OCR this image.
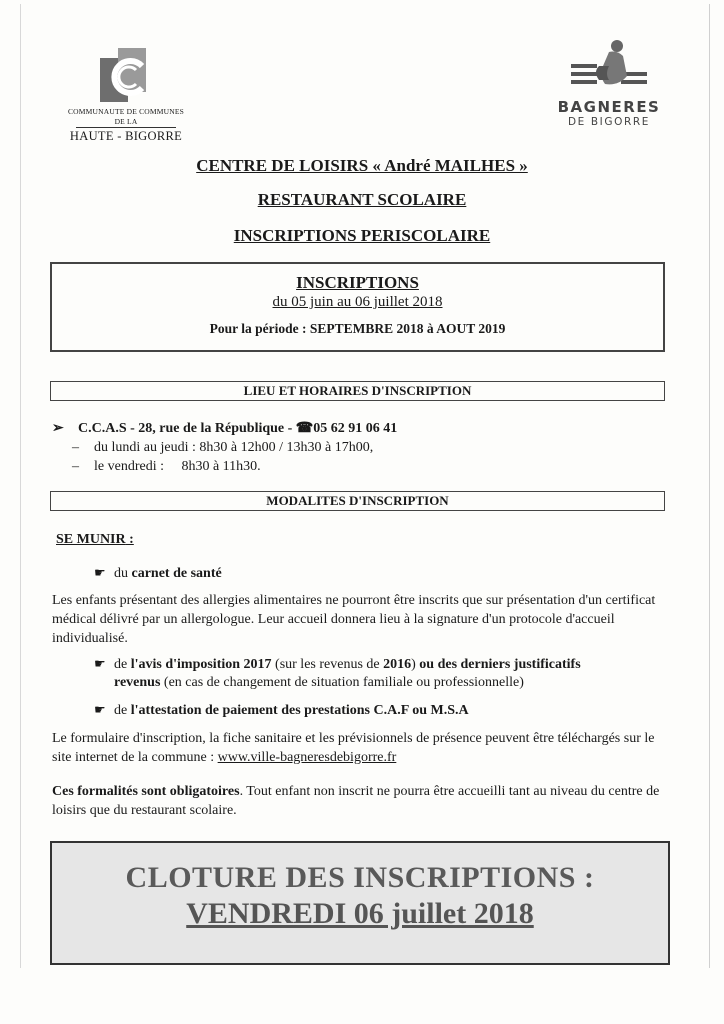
COMMUNAUTE DE COMMUNES
DE LA
HAUTE - BIGORRE
BAGNERES
DE BIGORRE
CENTRE DE LOISIRS « André MAILHES »
RESTAURANT SCOLAIRE
INSCRIPTIONS PERISCOLAIRE
INSCRIPTIONS
du 05 juin au 06 juillet 2018
Pour la période : SEPTEMBRE 2018 à AOUT 2019
LIEU ET HORAIRES D'INSCRIPTION
➢ C.C.A.S - 28, rue de la République - ☎05 62 91 06 41
– du lundi au jeudi : 8h30 à 12h00 / 13h30 à 17h00,
– le vendredi :     8h30 à 11h30.
MODALITES D'INSCRIPTION
SE MUNIR :
☛ du carnet de santé
Les enfants présentant des allergies alimentaires ne pourront être inscrits que sur présentation d'un certificat médical délivré par un allergologue. Leur accueil donnera lieu à la signature d'un protocole d'accueil individualisé.
☛ de l'avis d'imposition 2017 (sur les revenus de 2016) ou des derniers justificatifs
revenus (en cas de changement de situation familiale ou professionnelle)
☛ de l'attestation de paiement des prestations C.A.F ou M.S.A
Le formulaire d'inscription, la fiche sanitaire et les prévisionnels de présence peuvent être téléchargés sur le site internet de la commune : www.ville-bagneresdebigorre.fr
Ces formalités sont obligatoires. Tout enfant non inscrit ne pourra être accueilli tant au niveau du centre de loisirs que du restaurant scolaire.
CLOTURE DES INSCRIPTIONS :
VENDREDI 06 juillet 2018
